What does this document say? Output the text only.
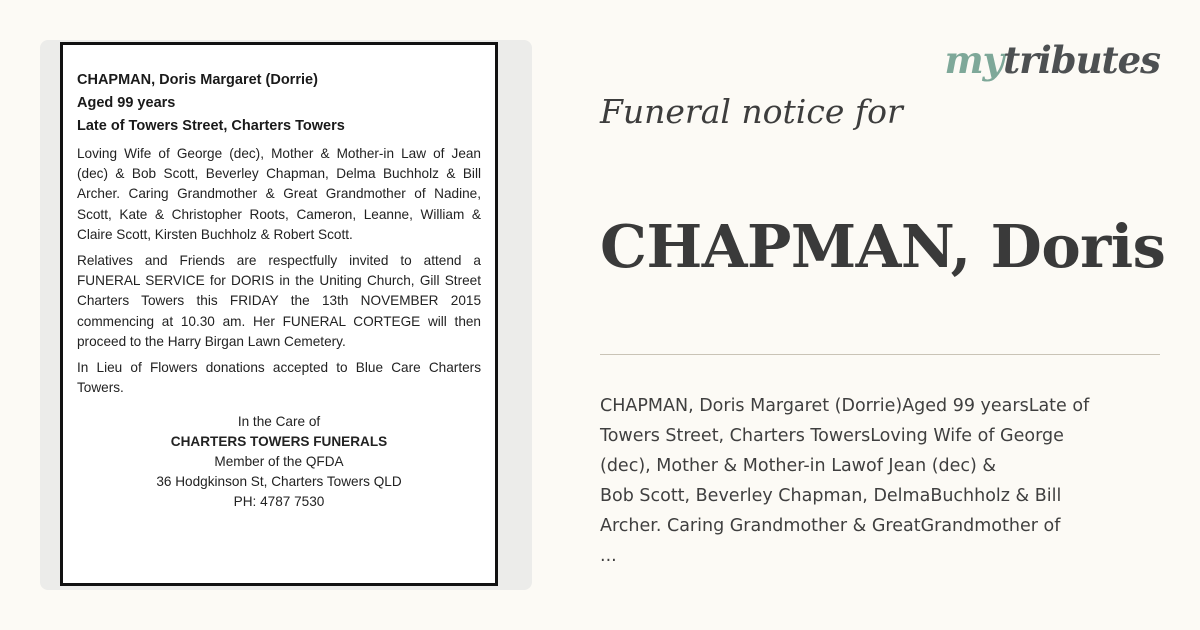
CHAPMAN, Doris Margaret (Dorrie)
Aged 99 years
Late of Towers Street, Charters Towers

Loving Wife of George (dec), Mother & Mother-in Law of Jean (dec) & Bob Scott, Beverley Chapman, Delma Buchholz & Bill Archer. Caring Grandmother & Great Grandmother of Nadine, Scott, Kate & Christopher Roots, Cameron, Leanne, William & Claire Scott, Kirsten Buchholz & Robert Scott.

Relatives and Friends are respectfully invited to attend a FUNERAL SERVICE for DORIS in the Uniting Church, Gill Street Charters Towers this FRIDAY the 13th NOVEMBER 2015 commencing at 10.30 am. Her FUNERAL CORTEGE will then proceed to the Harry Birgan Lawn Cemetery.

In Lieu of Flowers donations accepted to Blue Care Charters Towers.

In the Care of
CHARTERS TOWERS FUNERALS
Member of the QFDA
36 Hodgkinson St, Charters Towers QLD
PH: 4787 7530
mytributes
Funeral notice for
CHAPMAN, Doris
CHAPMAN, Doris Margaret (Dorrie)Aged 99 yearsLate of
Towers Street, Charters TowersLoving Wife of George
(dec), Mother & Mother-in Lawof Jean (dec) &
Bob Scott, Beverley Chapman, DelmaBuchholz & Bill
Archer. Caring Grandmother & GreatGrandmother of
...
